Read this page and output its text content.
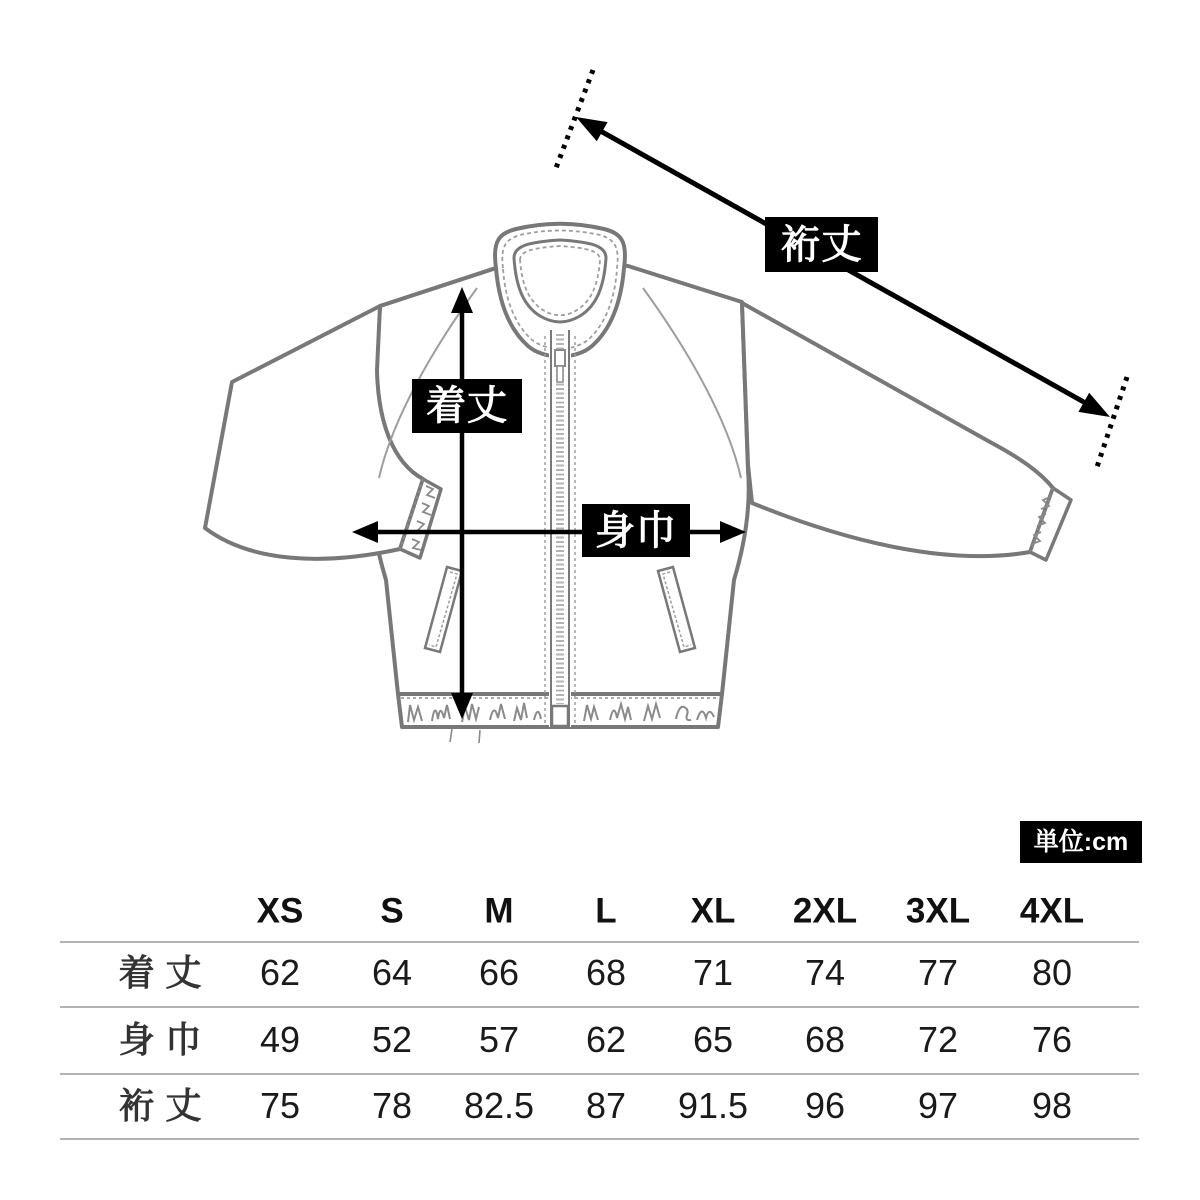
裄丈
着丈
身巾
単位:cm
XS S M L XL 2XL 3XL 4XL
着丈 62 64 66 68 71 74 77 80
身巾 49 52 57 62 65 68 72 76
裄丈 75 78 82.5 87 91.5 96 97 98
